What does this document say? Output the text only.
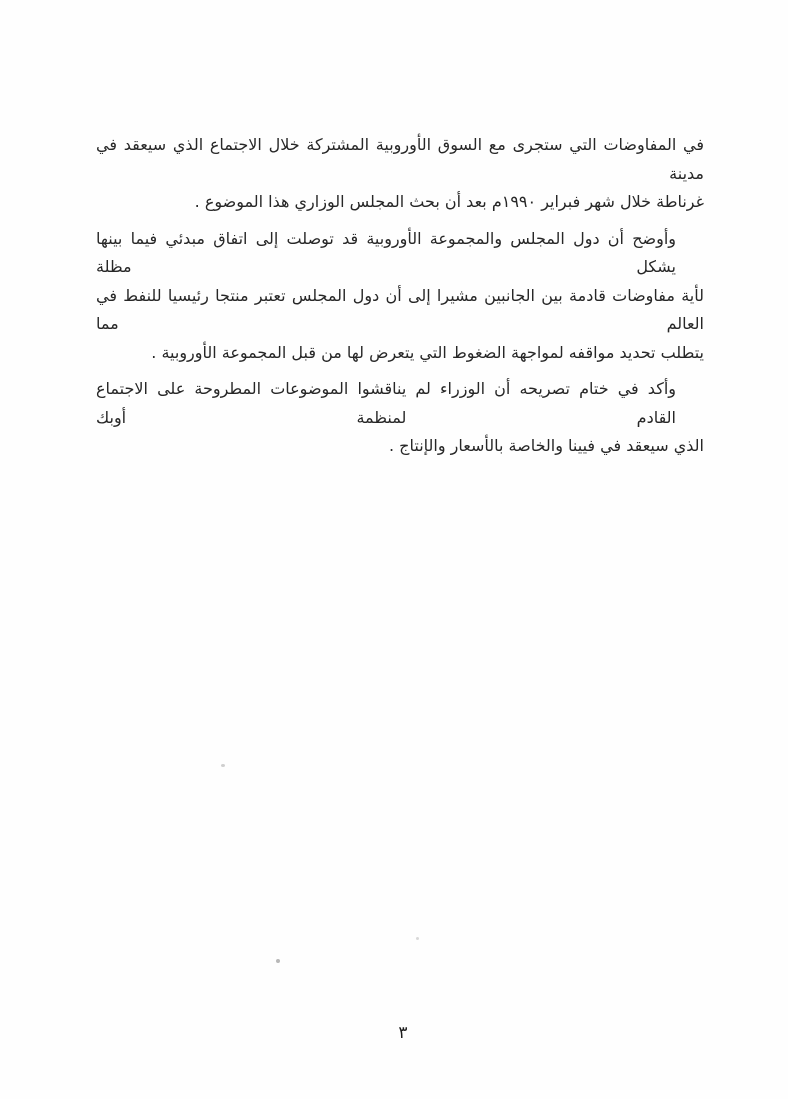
في المفاوضات التي ستجرى مع السوق الأوروبية المشتركة خلال الاجتماع الذي سيعقد في مدينة
غرناطة خلال شهر فبراير ١٩٩٠م بعد أن بحث المجلس الوزاري هذا الموضوع .
وأوضح أن دول المجلس والمجموعة الأوروبية قد توصلت إلى اتفاق مبدئي فيما بينها يشكل مظلة
لأية مفاوضات قادمة بين الجانبين مشيرا إلى أن دول المجلس تعتبر منتجا رئيسيا للنفط في العالم مما
يتطلب تحديد مواقفه لمواجهة الضغوط التي يتعرض لها من قبل المجموعة الأوروبية .
وأكد في ختام تصريحه أن الوزراء لم يناقشوا الموضوعات المطروحة على الاجتماع القادم لمنظمة أوبك
الذي سيعقد في فيينا والخاصة بالأسعار والإنتاج .
٣
